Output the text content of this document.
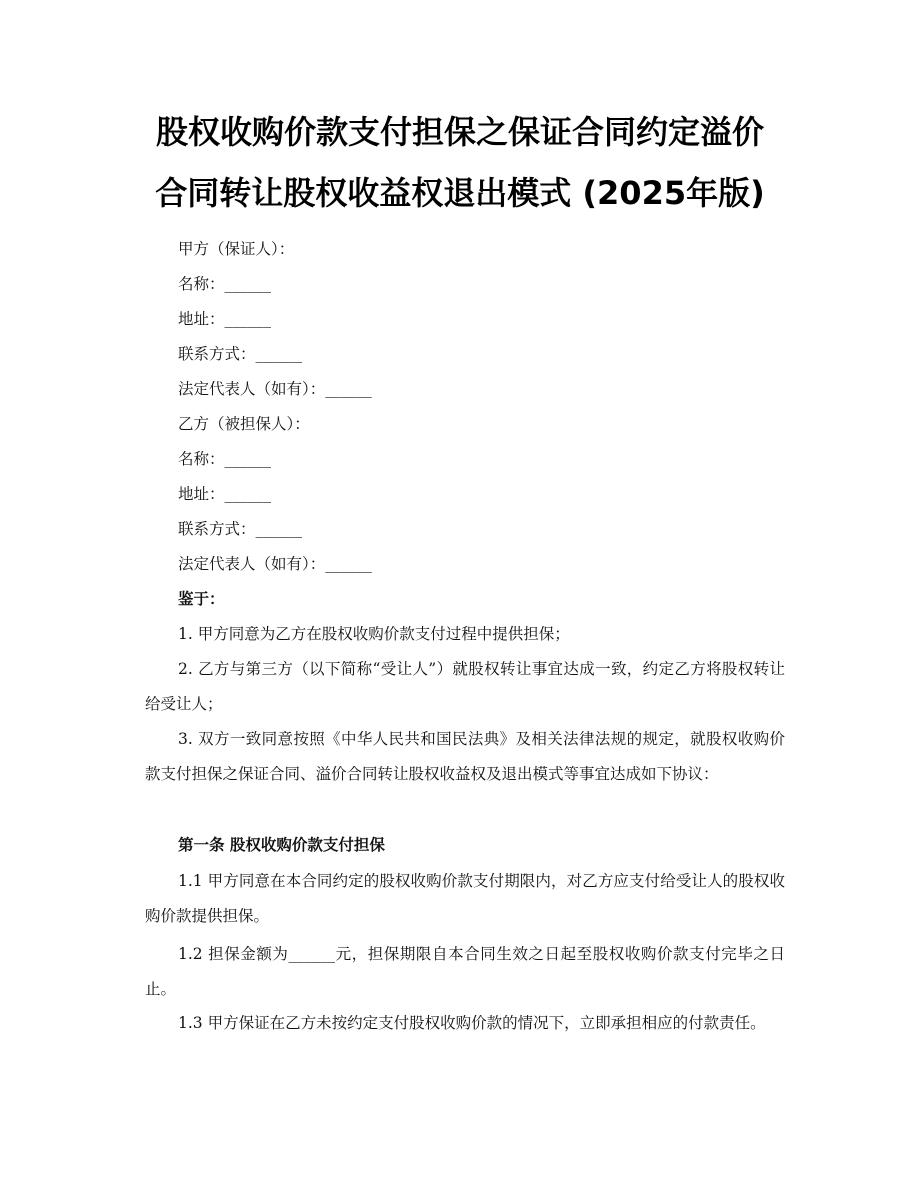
股权收购价款支付担保之保证合同约定溢价
合同转让股权收益权退出模式 (2025年版)
甲方（保证人）：
名称：______
地址：______
联系方式：______
法定代表人（如有）：______
乙方（被担保人）：
名称：______
地址：______
联系方式：______
法定代表人（如有）：______
鉴于：
1. 甲方同意为乙方在股权收购价款支付过程中提供担保；
2. 乙方与第三方（以下简称“受让人”）就股权转让事宜达成一致，约定乙方将股权转让给受让人；
3. 双方一致同意按照《中华人民共和国民法典》及相关法律法规的规定，就股权收购价款支付担保之保证合同、溢价合同转让股权收益权及退出模式等事宜达成如下协议：
第一条 股权收购价款支付担保
1.1 甲方同意在本合同约定的股权收购价款支付期限内，对乙方应支付给受让人的股权收购价款提供担保。
1.2 担保金额为______元，担保期限自本合同生效之日起至股权收购价款支付完毕之日止。
1.3 甲方保证在乙方未按约定支付股权收购价款的情况下，立即承担相应的付款责任。
